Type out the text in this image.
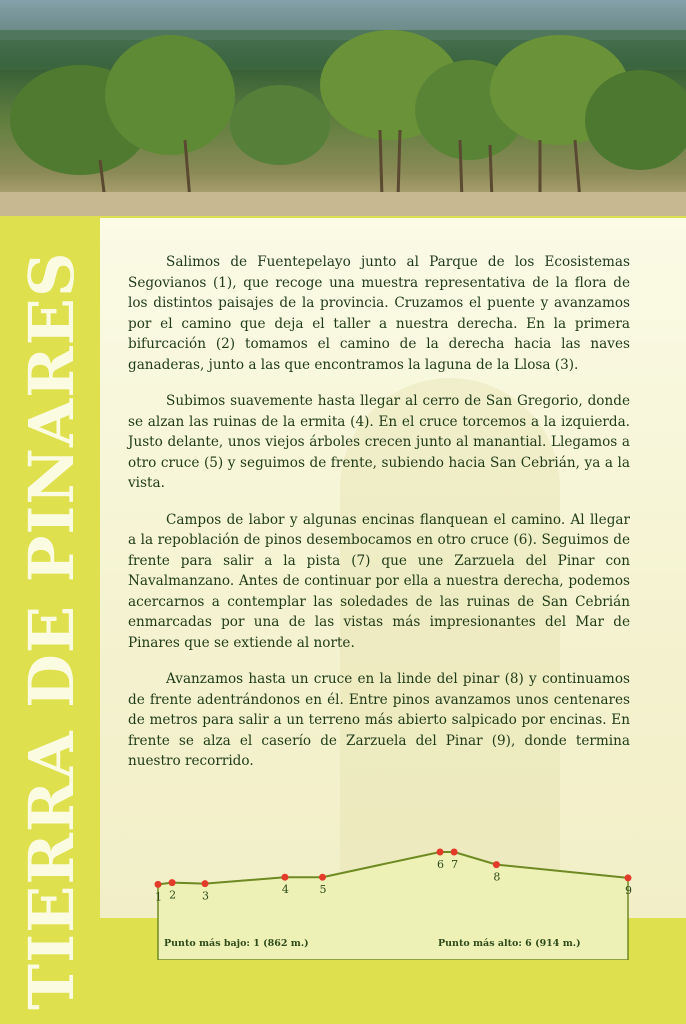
TIERRA DE PINARES	Salimos de Fuentepelayo junto al Parque de los Ecosistemas Segovianos (1), que recoge una muestra representativa de la flora de los distintos paisajes de la provincia. Cruzamos el puente y avanzamos por el camino que deja el taller a nuestra derecha. En la primera bifurcación (2) tomamos el camino de la derecha hacia las naves ganaderas, junto a las que encontramos la laguna de la Llosa (3).

Subimos suavemente hasta llegar al cerro de San Gregorio, donde se alzan las ruinas de la ermita (4). En el cruce torcemos a la izquierda. Justo delante, unos viejos árboles crecen junto al manantial. Llegamos a otro cruce (5) y seguimos de frente, subiendo hacia San Cebrián, ya a la vista.

Campos de labor y algunas encinas flanquean el camino. Al llegar a la repoblación de pinos desembocamos en otro cruce (6). Seguimos de frente para salir a la pista (7) que une Zarzuela del Pinar con Navalmanzano. Antes de continuar por ella a nuestra derecha, podemos acercarnos a contemplar las soledades de las ruinas de San Cebrián enmarcadas por una de las vistas más impresionantes del Mar de Pinares que se extiende al norte.

Avanzamos hasta un cruce en la linde del pinar (8) y continuamos de frente adentrándonos en él. Entre pinos avanzamos unos centenares de metros para salir a un terreno más abierto salpicado por encinas. En frente se alza el caserío de Zarzuela del Pinar (9), donde termina nuestro recorrido.

1 2 3	4	5
6 7
8
9
Punto más bajo: 1 (862 m.)	Punto más alto: 6 (914 m.)
